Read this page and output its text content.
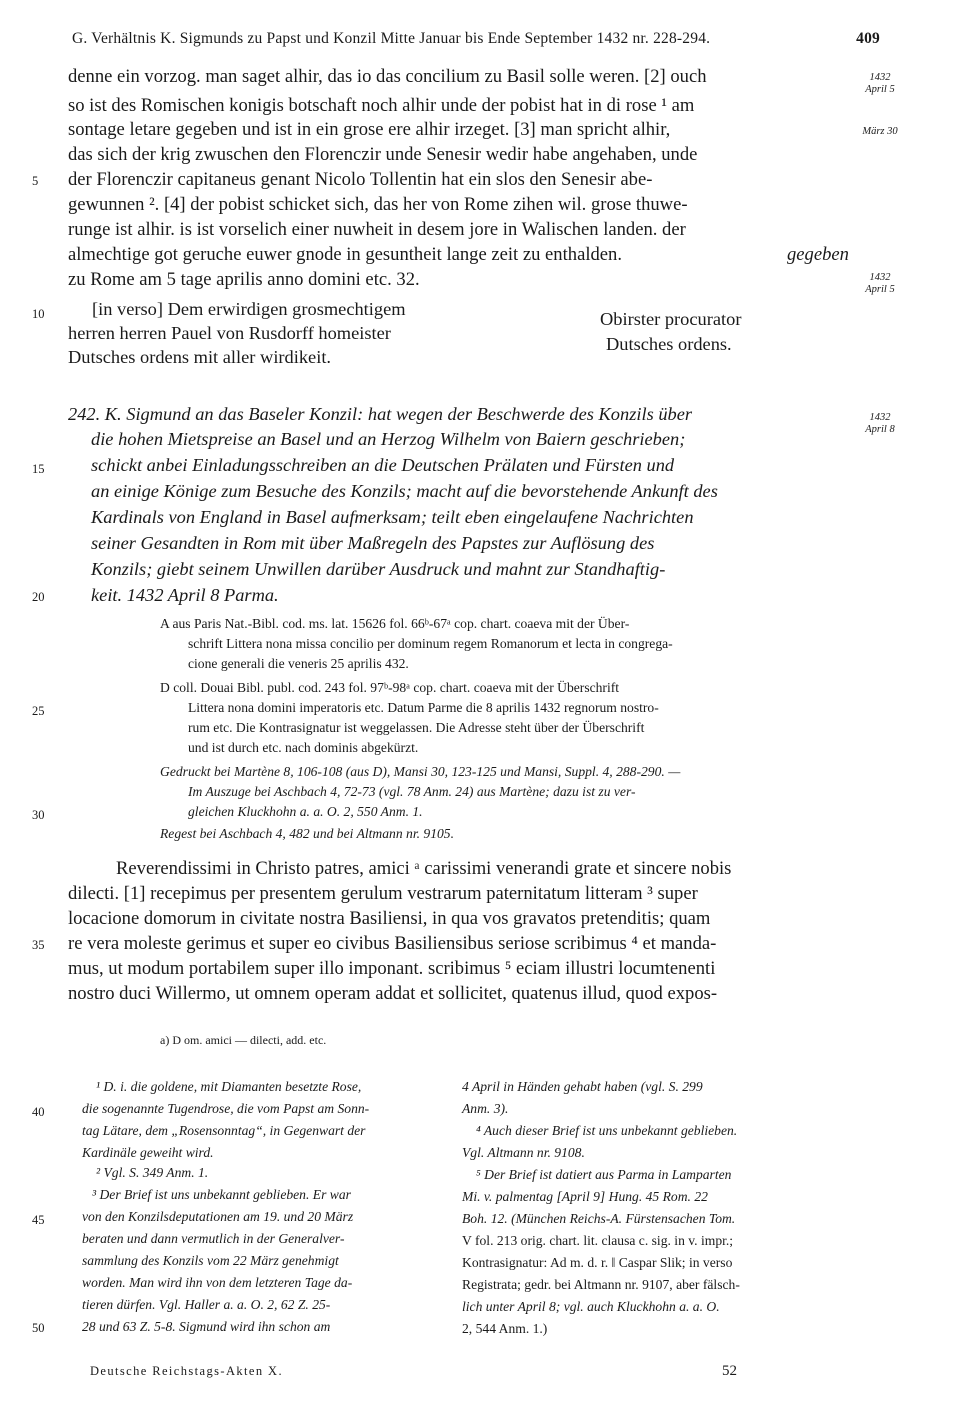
G. Verhältnis K. Sigmunds zu Papst und Konzil Mitte Januar bis Ende September 1432 nr. 228-294.	409
denne ein vorzog. man saget alhir, das io das concilium zu Basil solle weren. [2] ouch
so ist des Romischen konigis botschaft noch alhir unde der pobist hat in di rose ¹ am
sontage letare gegeben und ist in ein grose ere alhir irzeget. [3] man spricht alhir,
das sich der krig zwuschen den Florenczir unde Senesir wedir habe angehaben, unde
der Florenczir capitaneus genant Nicolo Tollentin hat ein slos den Senesir abe-
gewunnen ². [4] der pobist schicket sich, das her von Rome zihen wil. grose thuwe-
runge ist alhir. is ist vorselich einer nuwheit in desem jore in Walischen landen. der
almechtige got geruche euwer gnode in gesuntheit lange zeit zu enthalden.	gegeben
zu Rome am 5 tage aprilis anno domini etc. 32.
[in verso] Dem erwirdigen grosmechtigem
herren herren Pauel von Rusdorff homeister
Dutsches ordens mit aller wirdikeit.
Obirster procurator
Dutsches ordens.
242. K. Sigmund an das Baseler Konzil: hat wegen der Beschwerde des Konzils über
die hohen Mietspreise an Basel und an Herzog Wilhelm von Baiern geschrieben;
schickt anbei Einladungsschreiben an die Deutschen Prälaten und Fürsten und
an einige Könige zum Besuche des Konzils; macht auf die bevorstehende Ankunft des
Kardinals von England in Basel aufmerksam; teilt eben eingelaufene Nachrichten
seiner Gesandten in Rom mit über Maßregeln des Papstes zur Auflösung des
Konzils; giebt seinem Unwillen darüber Ausdruck und mahnt zur Standhaftig-
keit. 1432 April 8 Parma.
A aus Paris Nat.-Bibl. cod. ms. lat. 15626 fol. 66ᵇ-67ᵃ cop. chart. coaeva mit der Über-
schrift Littera nona missa concilio per dominum regem Romanorum et lecta in congrega-
cione generali die veneris 25 aprilis 432.
D coll. Douai Bibl. publ. cod. 243 fol. 97ᵇ-98ᵃ cop. chart. coaeva mit der Überschrift
Littera nona domini imperatoris etc. Datum Parme die 8 aprilis 1432 regnorum nostro-
rum etc. Die Kontrasignatur ist weggelassen. Die Adresse steht über der Überschrift
und ist durch etc. nach dominis abgekürzt.
Gedruckt bei Martène 8, 106-108 (aus D), Mansi 30, 123-125 und Mansi, Suppl. 4, 288-290. —
Im Auszuge bei Aschbach 4, 72-73 (vgl. 78 Anm. 24) aus Martène; dazu ist zu ver-
gleichen Kluckhohn a. a. O. 2, 550 Anm. 1.
Regest bei Aschbach 4, 482 und bei Altmann nr. 9105.
Reverendissimi in Christo patres, amici ᵃ carissimi venerandi grate et sincere nobis
dilecti. [1] recepimus per presentem gerulum vestrarum paternitatum litteram ³ super
locacione domorum in civitate nostra Basiliensi, in qua vos gravatos pretenditis; quam
re vera moleste gerimus et super eo civibus Basiliensibus seriose scribimus ⁴ et manda-
mus, ut modum portabilem super illo imponant. scribimus ⁵ eciam illustri locumtenenti
nostro duci Willermo, ut omnem operam addat et sollicitet, quatenus illud, quod expos-
a) D om. amici — dilecti, add. etc.
¹ D. i. die goldene, mit Diamanten besetzte Rose,
die sogenannte Tugendrose, die vom Papst am Sonn-
tag Lätare, dem „Rosensonntag“, in Gegenwart der
Kardinäle geweiht wird.
² Vgl. S. 349 Anm. 1.
³ Der Brief ist uns unbekannt geblieben. Er war
von den Konzilsdeputationen am 19. und 20 März
beraten und dann vermutlich in der Generalver-
sammlung des Konzils vom 22 März genehmigt
worden. Man wird ihn von dem letzteren Tage da-
tieren dürfen. Vgl. Haller a. a. O. 2, 62 Z. 25-
28 und 63 Z. 5-8. Sigmund wird ihn schon am
4 April in Händen gehabt haben (vgl. S. 299
Anm. 3).
⁴ Auch dieser Brief ist uns unbekannt geblieben.
Vgl. Altmann nr. 9108.
⁵ Der Brief ist datiert aus Parma in Lamparten
Mi. v. palmentag [April 9] Hung. 45 Rom. 22
Boh. 12. (München Reichs-A. Fürstensachen Tom.
V fol. 213 orig. chart. lit. clausa c. sig. in v. impr.;
Kontrasignatur: Ad m. d. r. ‖ Caspar Slik; in verso
Registrata; gedr. bei Altmann nr. 9107, aber fälsch-
lich unter April 8; vgl. auch Kluckhohn a. a. O.
2, 544 Anm. 1.)
5
10
15
20
25
30
35
40
45
50
1432
April 5
März 30
1432
April 5
1432
April 8
Deutsche Reichstags-Akten X.	52
